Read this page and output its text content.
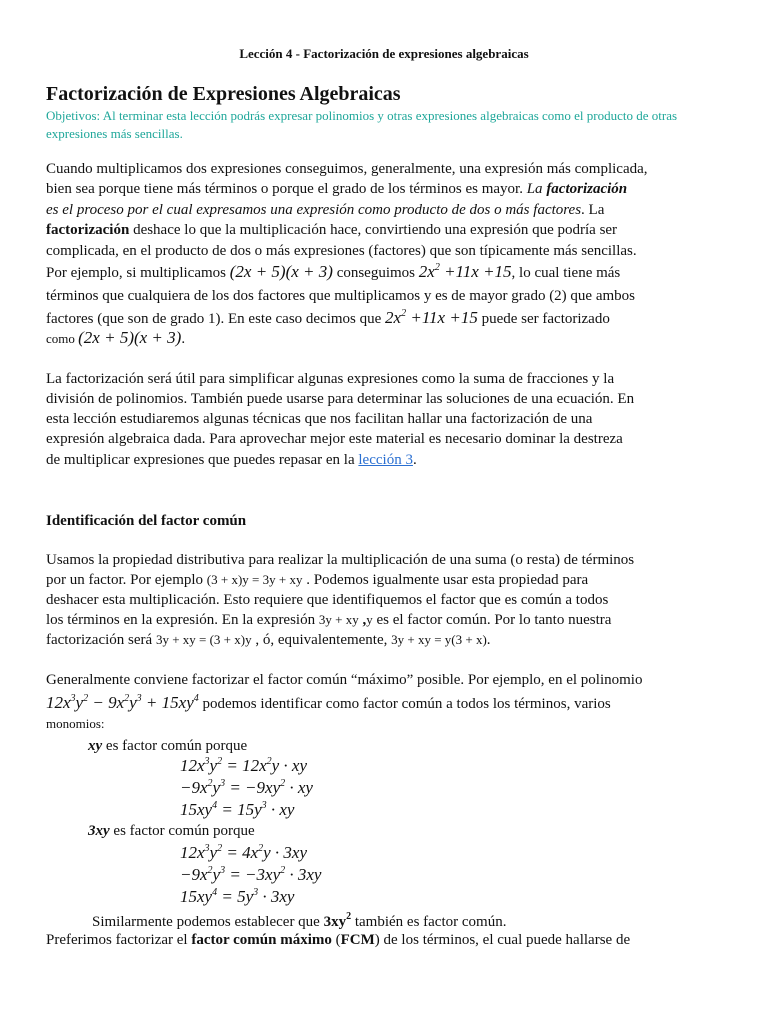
Lección 4 - Factorización de expresiones algebraicas
Factorización de Expresiones Algebraicas
Objetivos: Al terminar esta lección podrás expresar polinomios y otras expresiones algebraicas como el producto de otras expresiones más sencillas.
Cuando multiplicamos dos expresiones conseguimos, generalmente, una expresión más complicada,
bien sea porque tiene más términos o porque el grado de los términos es mayor. La factorización
es el proceso por el cual expresamos una expresión como producto de dos o más factores. La
factorización deshace lo que la multiplicación hace, convirtiendo una expresión que podría ser
complicada, en el producto de dos o más expresiones (factores) que son típicamente más sencillas.
Por ejemplo, si multiplicamos (2x + 5)(x + 3) conseguimos $2x^2 +11x +15$, lo cual tiene más
términos que cualquiera de los dos factores que multiplicamos y es de mayor grado (2) que ambos
factores (que son de grado 1). En este caso decimos que $2x^2 +11x +15$ puede ser factorizado
como (2x + 5)(x + 3).
La factorización será útil para simplificar algunas expresiones como la suma de fracciones y la
división de polinomios. También puede usarse para determinar las soluciones de una ecuación. En
esta lección estudiaremos algunas técnicas que nos facilitan hallar una factorización de una
expresión algebraica dada. Para aprovechar mejor este material es necesario dominar la destreza
de multiplicar expresiones que puedes repasar en la lección 3.
Identificación del factor común
Usamos la propiedad distributiva para realizar la multiplicación de una suma (o resta) de términos
por un factor. Por ejemplo (3 + x)y = 3y + xy . Podemos igualmente usar esta propiedad para
deshacer esta multiplicación. Esto requiere que identifiquemos el factor que es común a todos
los términos en la expresión. En la expresión 3y + xy ,y es el factor común. Por lo tanto nuestra
factorización será 3y + xy = (3 + x)y , ó, equivalentemente, 3y + xy = y(3 + x).
Generalmente conviene factorizar el factor común “máximo” posible. Por ejemplo, en el polinomio
$12x^3y^2 - 9x^2y^3 + 15xy^4$ podemos identificar como factor común a todos los términos, varios
monomios:
xy es factor común porque
$12x^3y^2 = 12x^2y$ · xy
$-9x^2y^3 = -9xy^2$ · xy
$15xy^4 = 15y^3$ · xy
3xy es factor común porque
$12x^3y^2 = 4x^2y \cdot 3xy$
$-9x^2y^3 = -3xy^2 \cdot 3xy$
$15xy^4 = 5y^3 \cdot 3xy$
Similarmente podemos establecer que $3xy^2$ también es factor común.
Preferimos factorizar el factor común máximo (FCM) de los términos, el cual puede hallarse de
